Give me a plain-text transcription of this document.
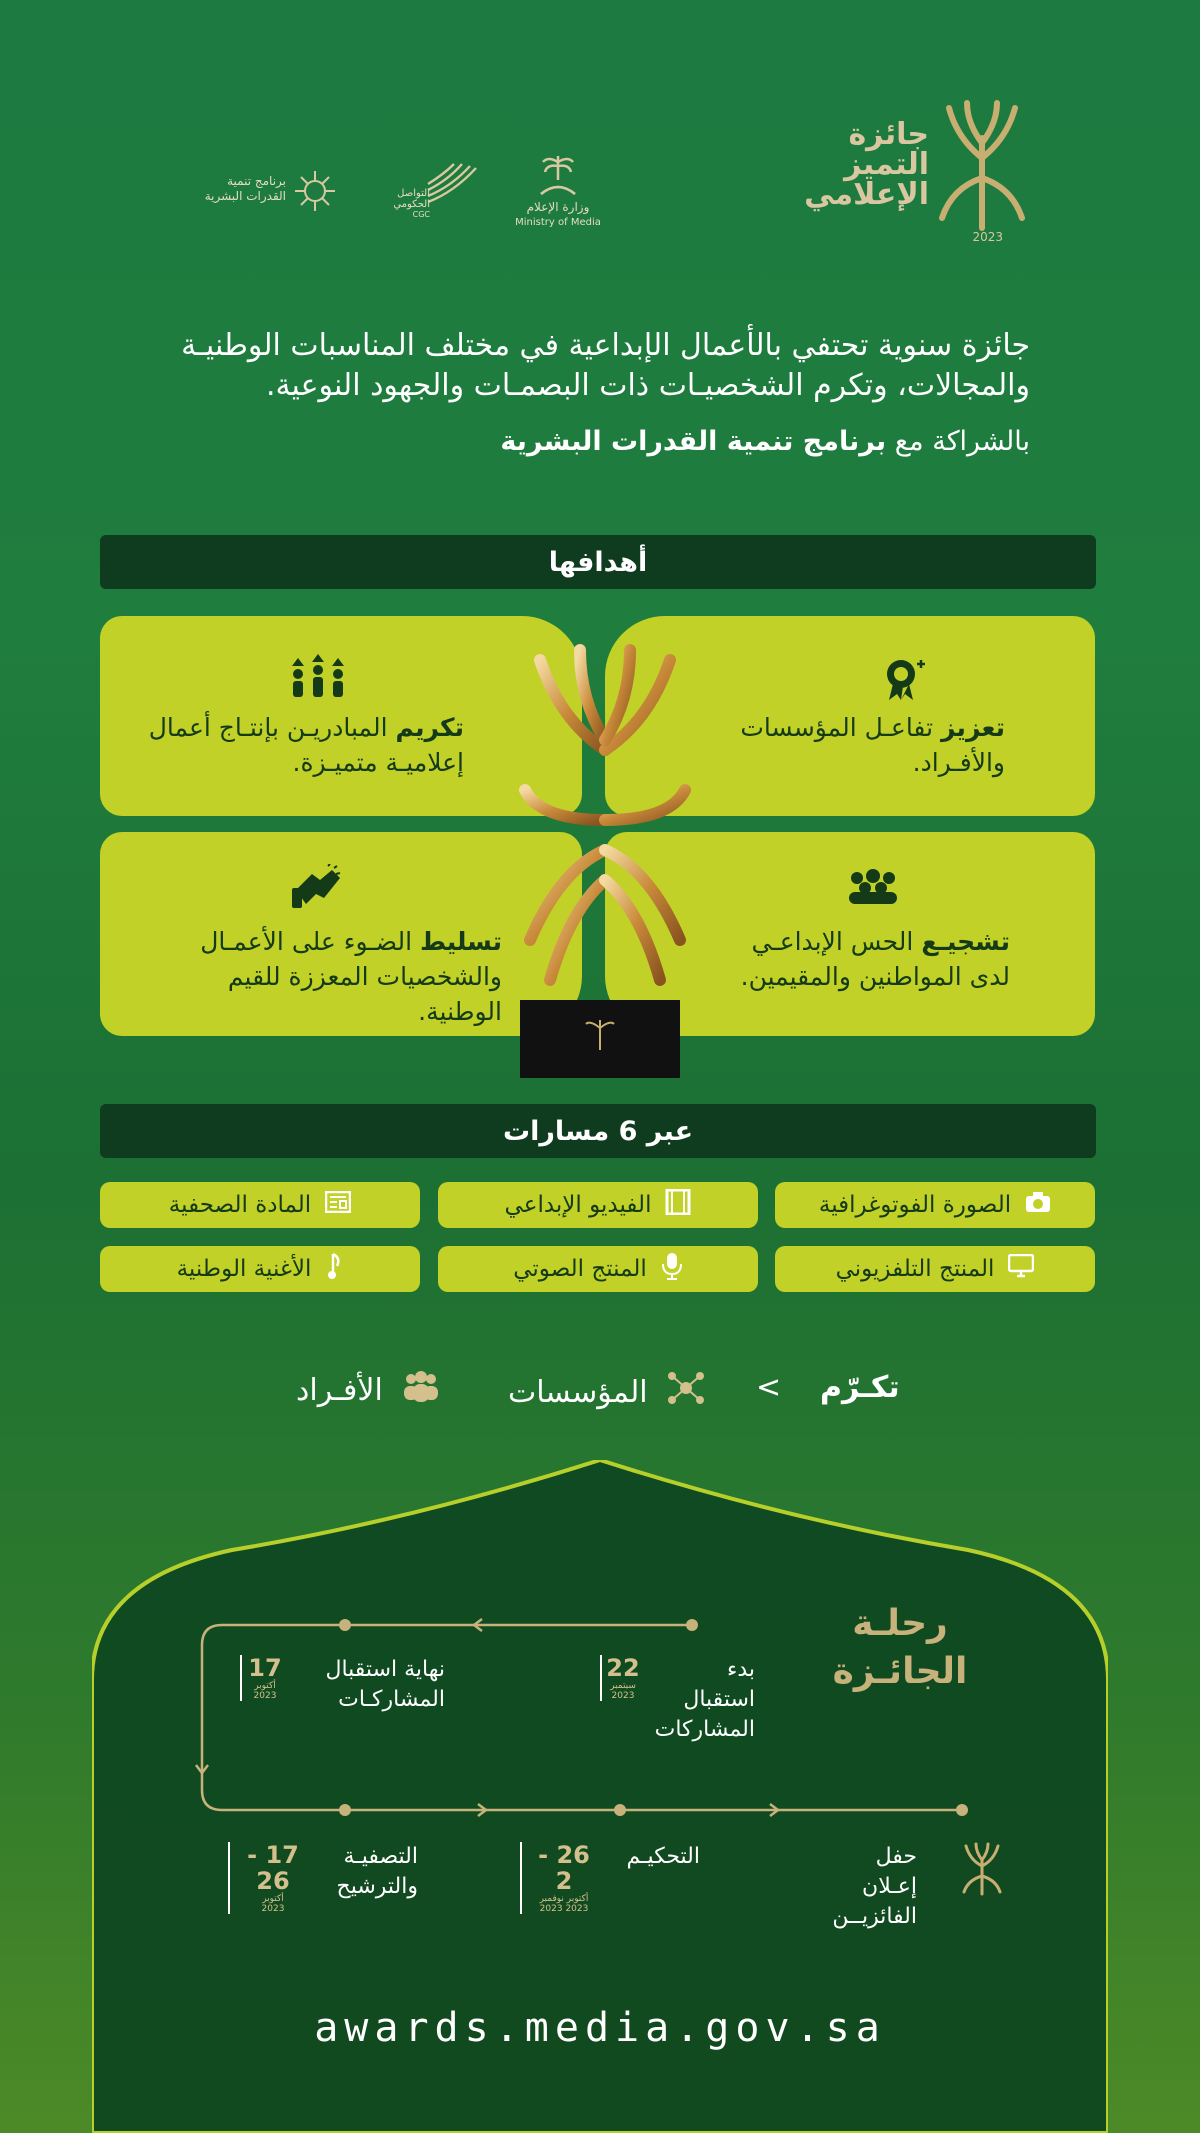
جائزة
التميز
الإعلامي
2023
وزارة الإعلام
Ministry of Media
التواصل
الحكومي
CGC
برنامج تنمية
القدرات البشرية
جائزة سنوية تحتفي بالأعمال الإبداعية في مختلف المناسبات الوطنيـة والمجالات، وتكرم الشخصيـات ذات البصمـات والجهود النوعية.
بالشراكة مع برنامج تنمية القدرات البشرية
أهدافها
تعزيز تفاعـل المؤسسات والأفـراد.
تكريم المبادريـن بإنتـاج أعمال إعلاميـة متميـزة.
تشجيـع الحس الإبداعـي لدى المواطنين والمقيمين.
تسليط الضـوء على الأعمـال والشخصيات المعززة للقيم الوطنية.
عبر 6 مسارات
الصورة الفوتوغرافية
الفيديو الإبداعي
المادة الصحفية
المنتج التلفزيوني
المنتج الصوتي
الأغنية الوطنية
تكـرّم
>
المؤسسات
الأفـراد
رحلـة
الجائـزة
بدء استقبال المشاركات
22
سبتمبر
2023
نهاية استقبال المشاركـات
17
أكتوبر
2023
التصفيـة والترشيح
17 - 26
أكتوبر
2023
التحكيـم
26 - 2
أكتوبر نوفمبر
2023 2023
حفل إعـلان الفائزيــن
awards.media.gov.sa
